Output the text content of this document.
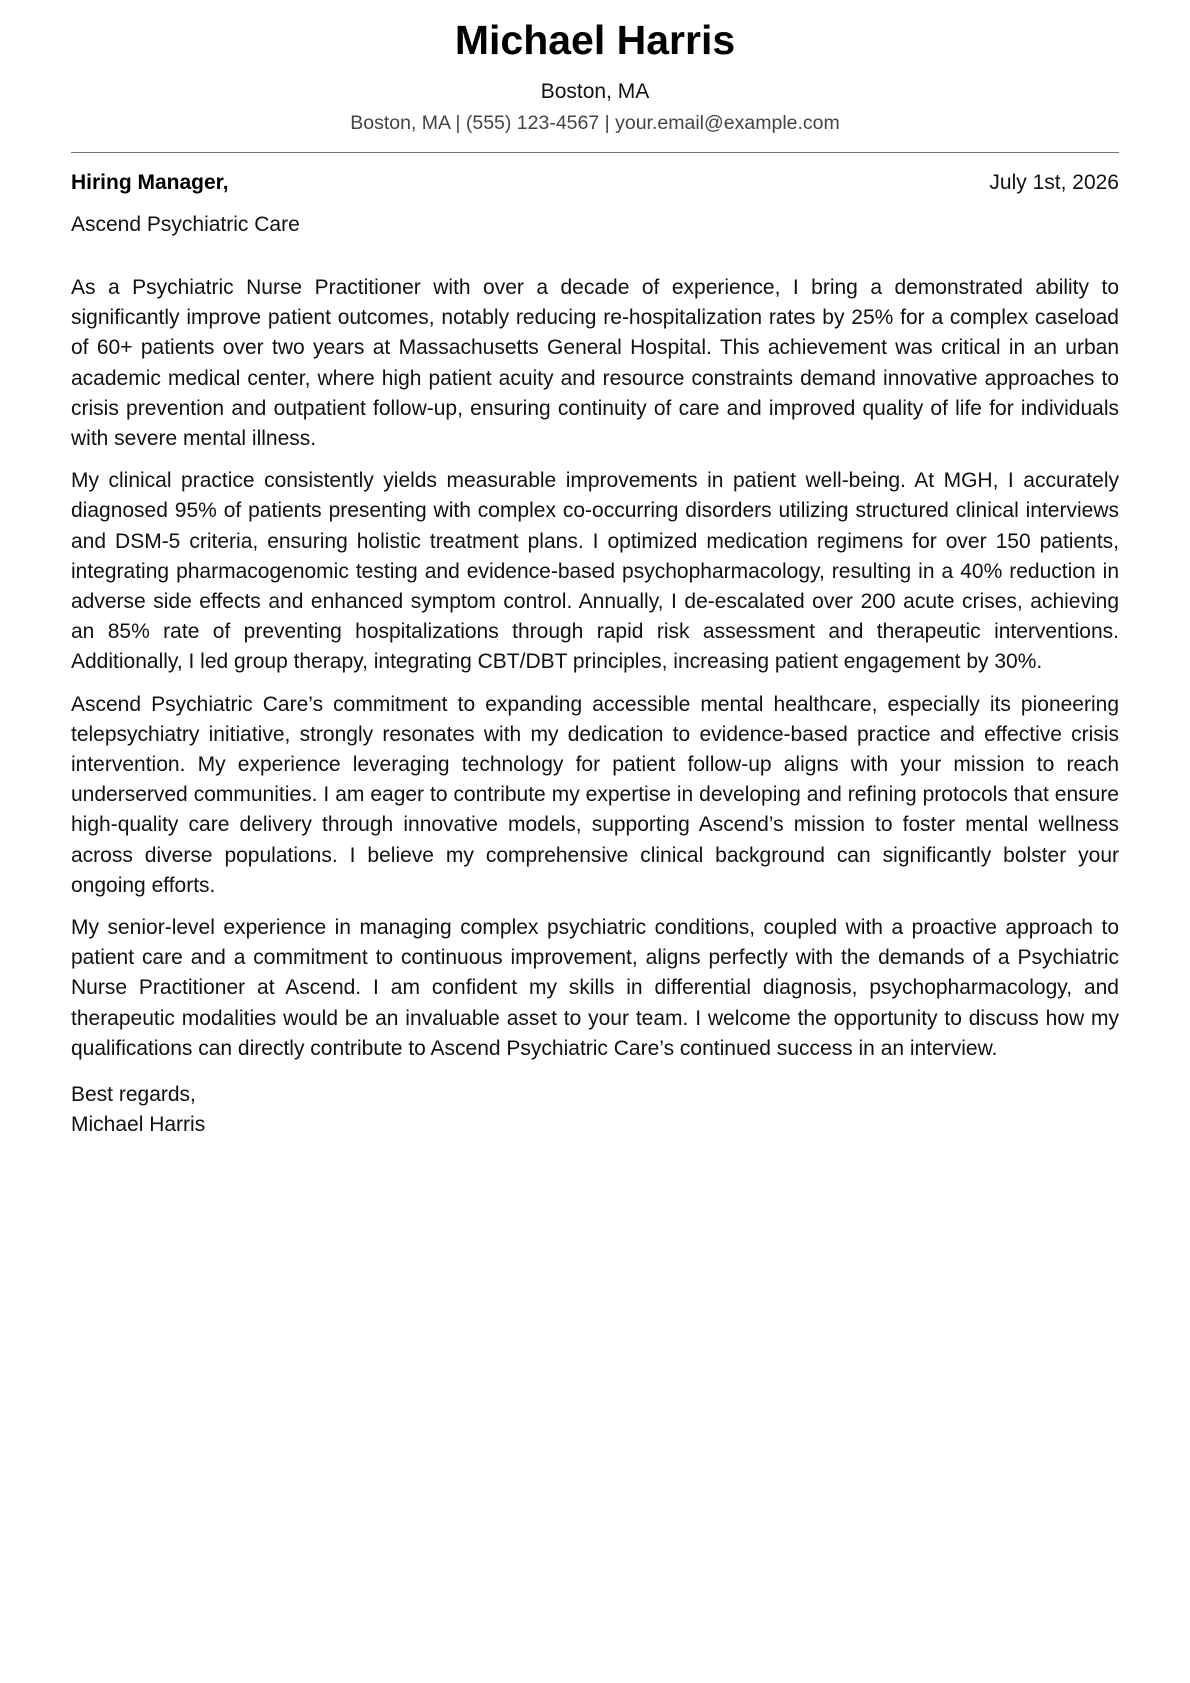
Michael Harris
Boston, MA
Boston, MA | (555) 123-4567 | your.email@example.com
Hiring Manager,	July 1st, 2026
Ascend Psychiatric Care

As a Psychiatric Nurse Practitioner with over a decade of experience, I bring a demonstrated ability to significantly improve patient outcomes, notably reducing re-hospitalization rates by 25% for a complex caseload of 60+ patients over two years at Massachusetts General Hospital. This achievement was critical in an urban academic medical center, where high patient acuity and resource constraints demand innovative approaches to crisis prevention and outpatient follow-up, ensuring continuity of care and improved quality of life for individuals with severe mental illness.

My clinical practice consistently yields measurable improvements in patient well-being. At MGH, I accurately diagnosed 95% of patients presenting with complex co-occurring disorders utilizing structured clinical interviews and DSM-5 criteria, ensuring holistic treatment plans. I optimized medication regimens for over 150 patients, integrating pharmacogenomic testing and evidence-based psychopharmacology, resulting in a 40% reduction in adverse side effects and enhanced symptom control. Annually, I de-escalated over 200 acute crises, achieving an 85% rate of preventing hospitalizations through rapid risk assessment and therapeutic interventions. Additionally, I led group therapy, integrating CBT/DBT principles, increasing patient engagement by 30%.

Ascend Psychiatric Care’s commitment to expanding accessible mental healthcare, especially its pioneering telepsychiatry initiative, strongly resonates with my dedication to evidence-based practice and effective crisis intervention. My experience leveraging technology for patient follow-up aligns with your mission to reach underserved communities. I am eager to contribute my expertise in developing and refining protocols that ensure high-quality care delivery through innovative models, supporting Ascend’s mission to foster mental wellness across diverse populations. I believe my comprehensive clinical background can significantly bolster your ongoing efforts.

My senior-level experience in managing complex psychiatric conditions, coupled with a proactive approach to patient care and a commitment to continuous improvement, aligns perfectly with the demands of a Psychiatric Nurse Practitioner at Ascend. I am confident my skills in differential diagnosis, psychopharmacology, and therapeutic modalities would be an invaluable asset to your team. I welcome the opportunity to discuss how my qualifications can directly contribute to Ascend Psychiatric Care’s continued success in an interview.

Best regards,
Michael Harris
